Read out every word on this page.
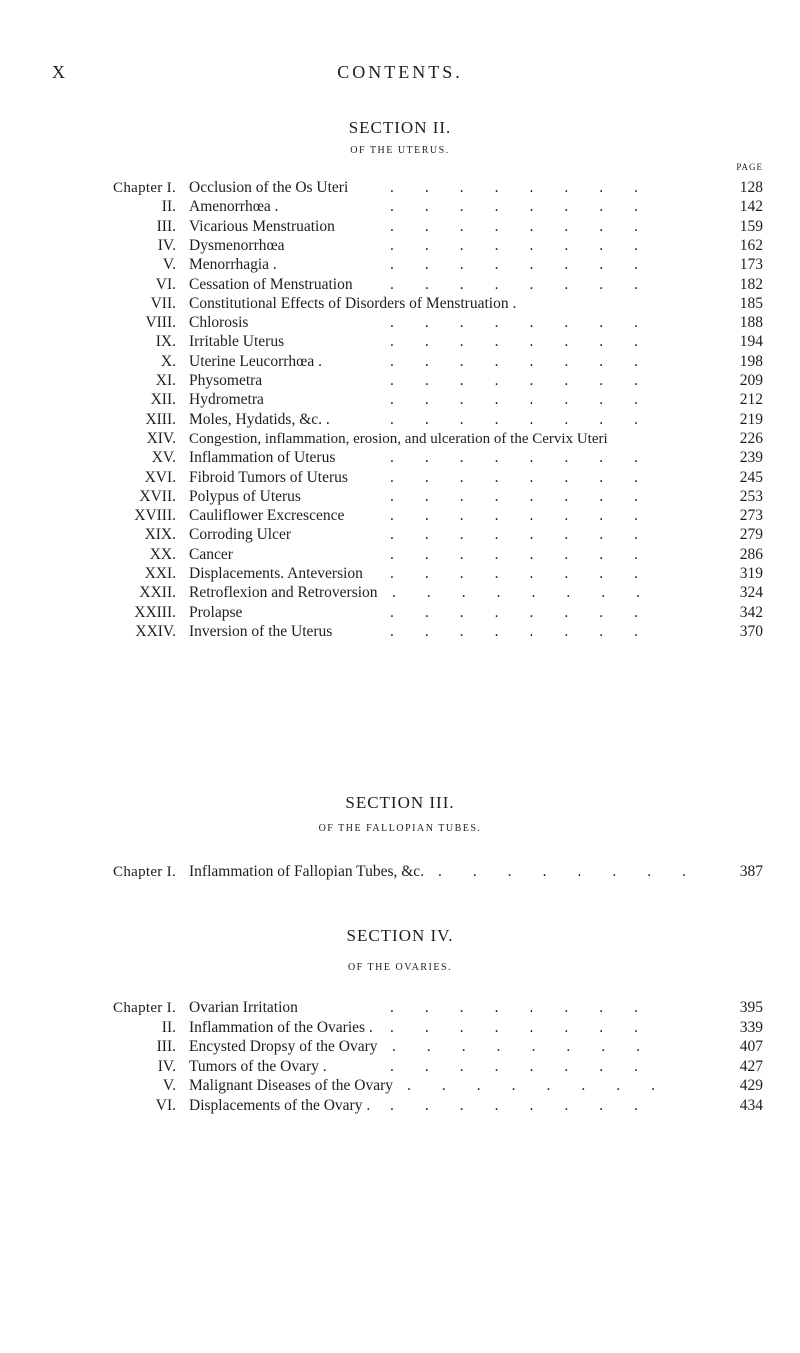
X	CONTENTS.
SECTION II.
OF THE UTERUS.
PAGE
Chapter I. Occlusion of the Os Uteri	.        .        .        .        .        .        .        .	128
II. Amenorrhœa .	.        .        .        .        .        .        .        .	142
III. Vicarious Menstruation	.        .        .        .        .        .        .        .	159
IV. Dysmenorrhœa	.        .        .        .        .        .        .        .	162
V. Menorrhagia .	.        .        .        .        .        .        .        .	173
VI. Cessation of Menstruation .        .        .        .        .        .        .        .	182
VII. Constitutional Effects of Disorders of Menstruation .	185
VIII. Chlorosis	.        .        .        .        .        .        .        .	188
IX. Irritable Uterus	.        .        .        .        .        .        .        .	194
X. Uterine Leucorrhœa .	.        .        .        .        .        .        .        .	198
XI. Physometra	.        .        .        .        .        .        .        .	209
XII. Hydrometra	.        .        .        .        .        .        .        .	212
XIII. Moles, Hydatids, &c. .	.        .        .        .        .        .        .        .	219
XIV. Congestion, inflammation, erosion, and ulceration of the Cervix Uteri	226
XV. Inflammation of Uterus	.        .        .        .        .        .        .        .	239
XVI. Fibroid Tumors of Uterus	.        .        .        .        .        .        .        .	245
XVII. Polypus of Uterus	.        .        .        .        .        .        .        .	253
XVIII. Cauliflower Excrescence	.        .        .        .        .        .        .        .	273
XIX. Corroding Ulcer	.        .        .        .        .        .        .        .	279
XX. Cancer	.        .        .        .        .        .        .        .	286
XXI. Displacements. Anteversion .        .        .        .        .        .        .        .	319
XXII. Retroflexion and Retroversion .        .        .        .        .        .        .        .	324
XXIII. Prolapse	.        .        .        .        .        .        .        .	342
XXIV. Inversion of the Uterus	.        .        .        .        .        .        .        .	370
SECTION III.
OF THE FALLOPIAN TUBES.
Chapter I. Inflammation of Fallopian Tubes, &c. .        .        .        .        .        .        .        .	387
SECTION IV.
OF THE OVARIES.
Chapter I. Ovarian Irritation	.        .        .        .        .        .        .        .	395
II. Inflammation of the Ovaries . .        .        .        .        .        .        .        .	339
III. Encysted Dropsy of the Ovary .        .        .        .        .        .        .        .	407
IV. Tumors of the Ovary .	.        .        .        .        .        .        .        .	427
V. Malignant Diseases of the Ovary .        .        .        .        .        .        .        .	429
VI. Displacements of the Ovary . .        .        .        .        .        .        .        .	434
